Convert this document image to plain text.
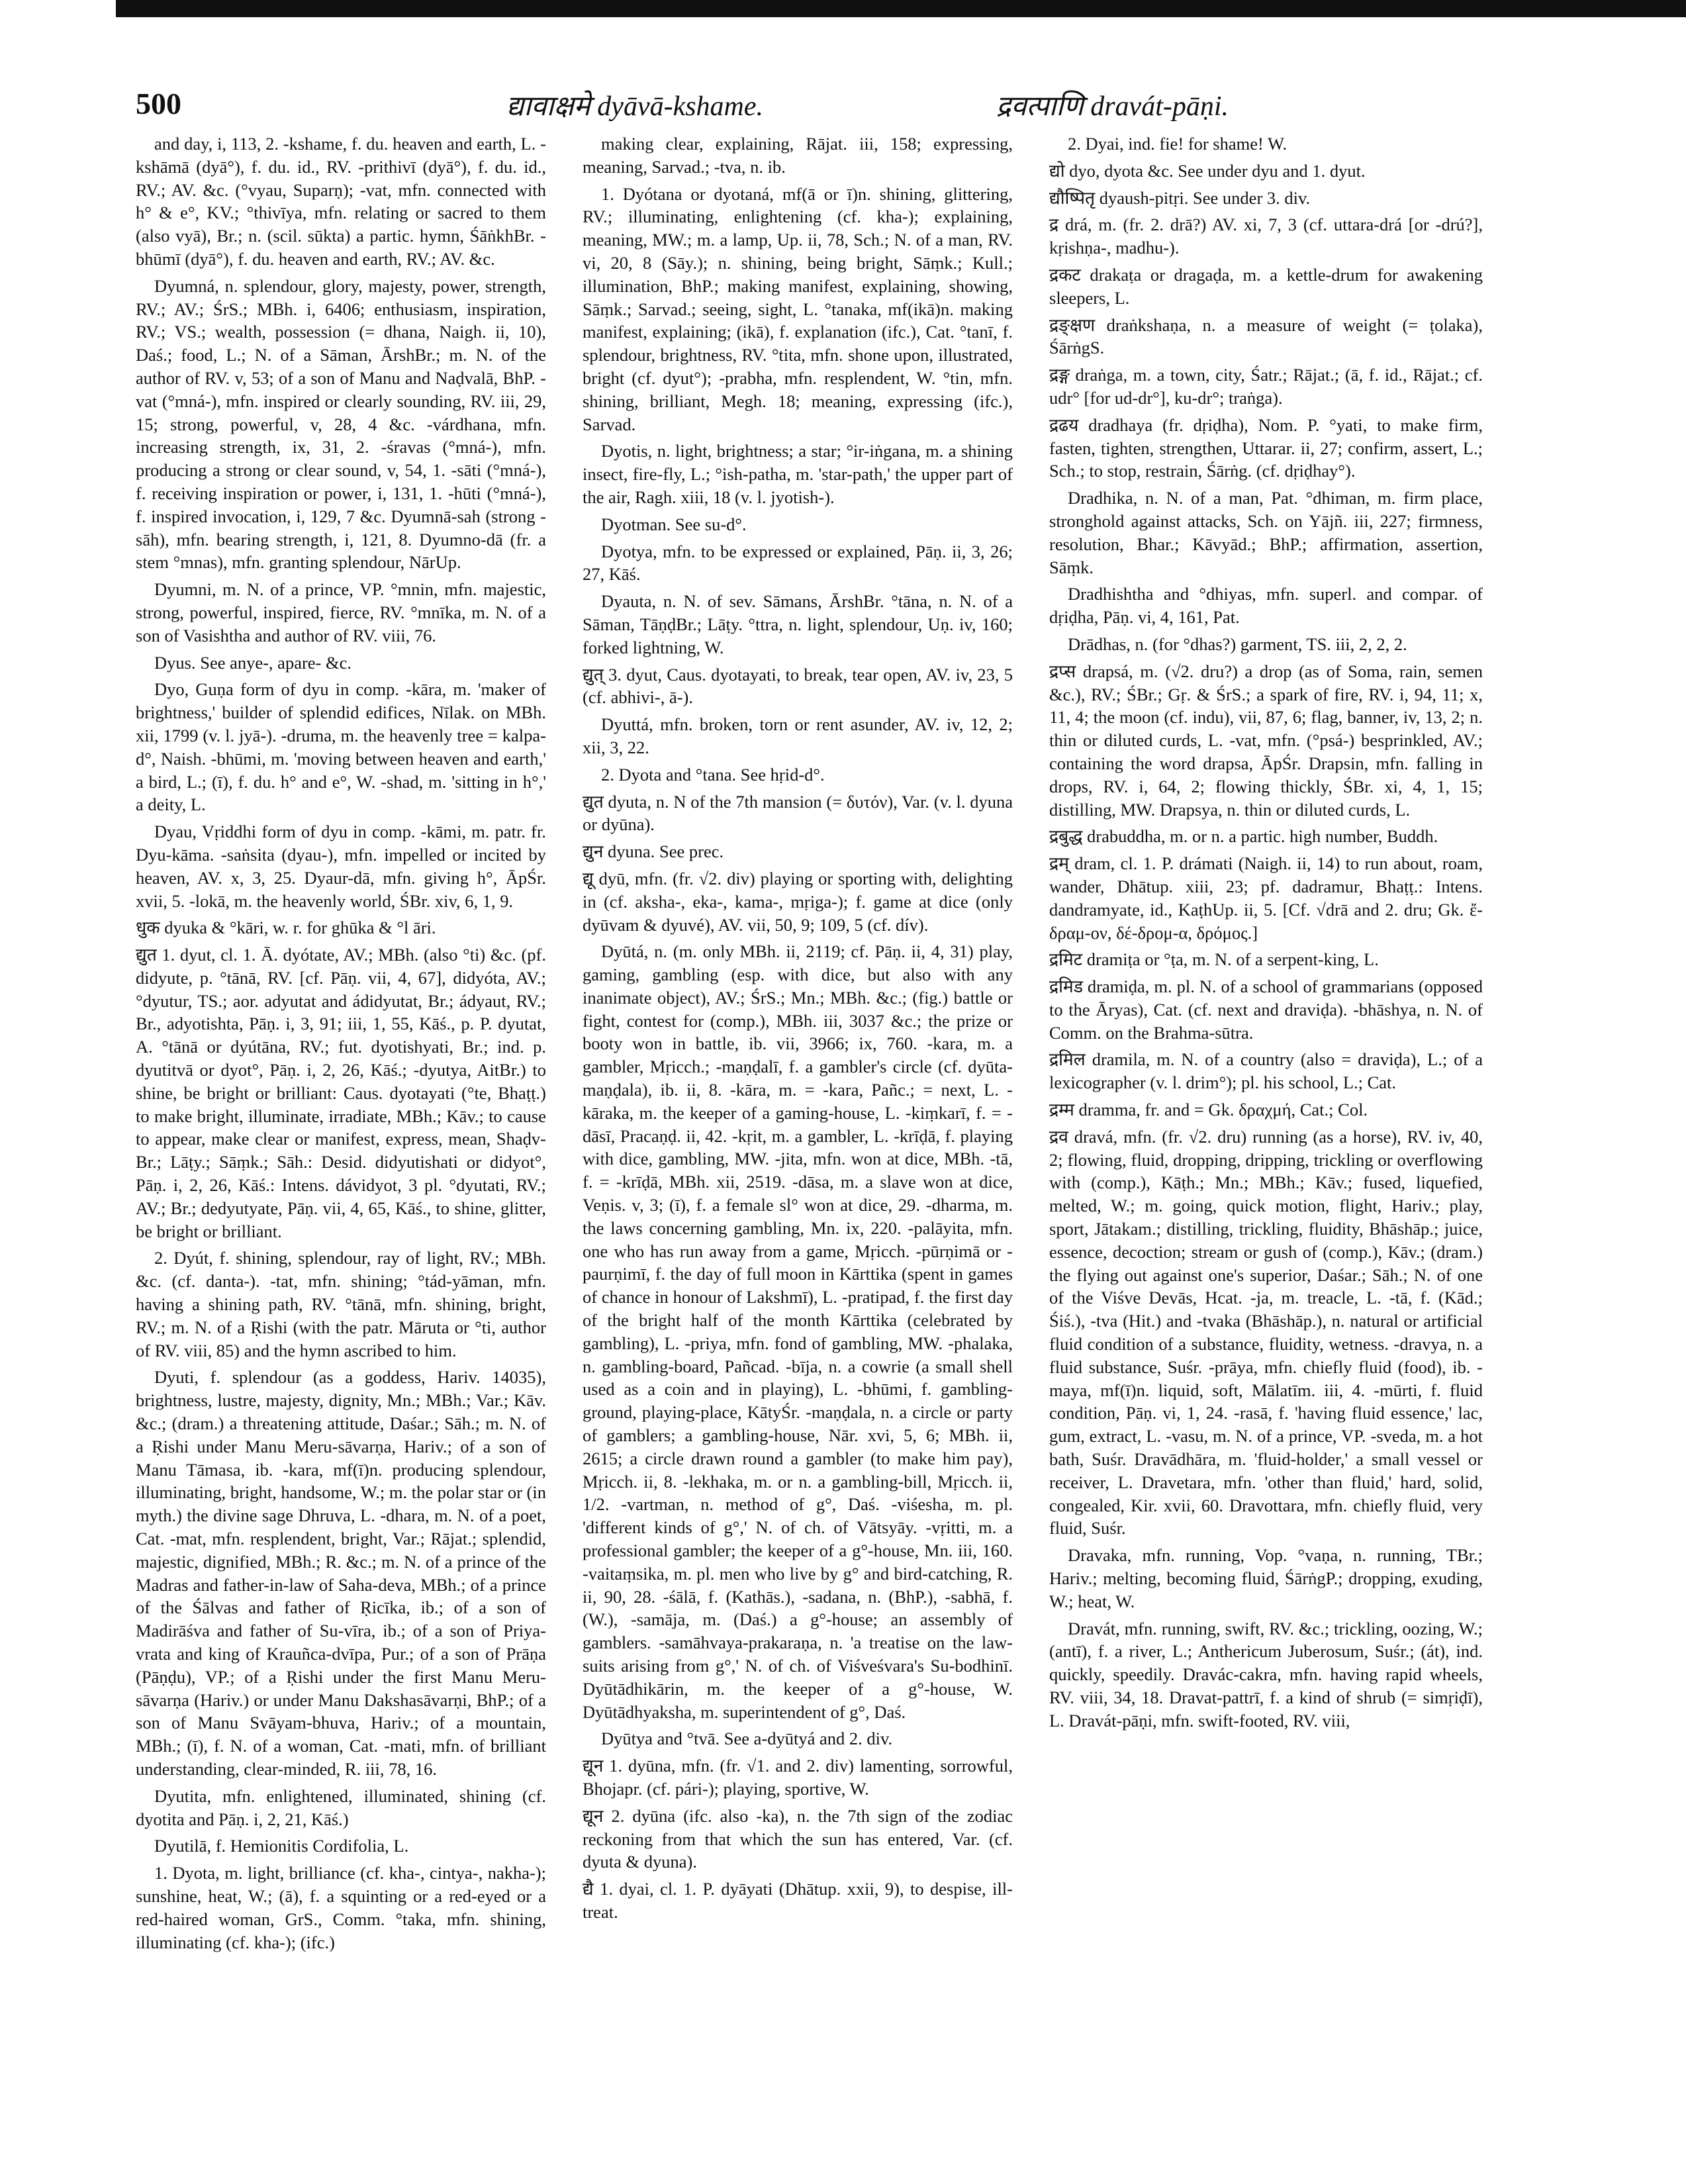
500	द्यावाक्षमे dyāvā-kshame.	द्रवत्पाणि dravát-pāṇi.

and day, i, 113, 2. -kshame, f. du. heaven and earth, L. -kshāmā (dyā°), f. du. id., RV. -prithivī (dyā°), f. du. id., RV.; AV. &c. (°vyau, Suparṇ); -vat, mfn. connected with h° & e°, KV.; °thivīya, mfn. relating or sacred to them (also vyā), Br.; n. (scil. sūkta) a partic. hymn, ŚāṅkhBr. -bhūmī (dyā°), f. du. heaven and earth, RV.; AV. &c.

Dyumná, n. splendour, glory, majesty, power, strength, RV.; AV.; ŚrS.; MBh. i, 6406; enthusiasm, inspiration, RV.; VS.; wealth, possession (= dhana, Naigh. ii, 10), Daś.; food, L.; N. of a Sāman, ĀrshBr.; m. N. of the author of RV. v, 53; of a son of Manu and Naḍvalā, BhP. -vat (°mná-), mfn. inspired or clearly sounding, RV. iii, 29, 15; strong, powerful, v, 28, 4 &c. -várdhana, mfn. increasing strength, ix, 31, 2. -śravas (°mná-), mfn. producing a strong or clear sound, v, 54, 1. -sāti (°mná-), f. receiving inspiration or power, i, 131, 1. -hūti (°mná-), f. inspired invocation, i, 129, 7 &c. Dyumnā-sah (strong -sāh), mfn. bearing strength, i, 121, 8. Dyumno-dā (fr. a stem °mnas), mfn. granting splendour, NārUp.

Dyumni, m. N. of a prince, VP. °mnin, mfn. majestic, strong, powerful, inspired, fierce, RV. °mnīka, m. N. of a son of Vasishtha and author of RV. viii, 76.

Dyus. See anye-, apare- &c.

Dyo, Guṇa form of dyu in comp. -kāra, m. 'maker of brightness,' builder of splendid edifices, Nīlak. on MBh. xii, 1799 (v. l. jyā-). -druma, m. the heavenly tree = kalpa-d°, Naish. -bhūmi, m. 'moving between heaven and earth,' a bird, L.; (ī), f. du. h° and e°, W. -shad, m. 'sitting in h°,' a deity, L.

Dyau, Vṛiddhi form of dyu in comp. -kāmi, m. patr. fr. Dyu-kāma. -saṅsita (dyau-), mfn. impelled or incited by heaven, AV. x, 3, 25. Dyaur-dā, mfn. giving h°, ĀpŚr. xvii, 5. -lokā, m. the heavenly world, ŚBr. xiv, 6, 1, 9.

धुक dyuka & °kāri, w. r. for ghūka & °l āri.

द्युत 1. dyut, cl. 1. Ā. dyótate, AV.; MBh. (also °ti) &c. (pf. didyute, p. °tānā, RV. [cf. Pāṇ. vii, 4, 67], didyóta, AV.; °dyutur, TS.; aor. adyutat and ádidyutat, Br.; ádyaut, RV.; Br., adyotishta, Pāṇ. i, 3, 91; iii, 1, 55, Kāś., p. P. dyutat, A. °tānā or dyútāna, RV.; fut. dyotishyati, Br.; ind. p. dyutitvā or dyot°, Pāṇ. i, 2, 26, Kāś.; -dyutya, AitBr.) to shine, be bright or brilliant: Caus. dyotayati (°te, Bhaṭṭ.) to make bright, illuminate, irradiate, MBh.; Kāv.; to cause to appear, make clear or manifest, express, mean, Shaḍv-Br.; Lāṭy.; Sāṃk.; Sāh.: Desid. didyutishati or didyot°, Pāṇ. i, 2, 26, Kāś.: Intens. dávidyot, 3 pl. °dyutati, RV.; AV.; Br.; dedyutyate, Pāṇ. vii, 4, 65, Kāś., to shine, glitter, be bright or brilliant.

2. Dyút, f. shining, splendour, ray of light, RV.; MBh. &c. (cf. danta-). -tat, mfn. shining; °tád-yāman, mfn. having a shining path, RV. °tānā, mfn. shining, bright, RV.; m. N. of a Ṛishi (with the patr. Māruta or °ti, author of RV. viii, 85) and the hymn ascribed to him.

Dyuti, f. splendour (as a goddess, Hariv. 14035), brightness, lustre, majesty, dignity, Mn.; MBh.; Var.; Kāv. &c.; (dram.) a threatening attitude, Daśar.; Sāh.; m. N. of a Ṛishi under Manu Meru-sāvarṇa, Hariv.; of a son of Manu Tāmasa, ib. -kara, mf(ī)n. producing splendour, illuminating, bright, handsome, W.; m. the polar star or (in myth.) the divine sage Dhruva, L. -dhara, m. N. of a poet, Cat. -mat, mfn. resplendent, bright, Var.; Rājat.; splendid, majestic, dignified, MBh.; R. &c.; m. N. of a prince of the Madras and father-in-law of Saha-deva, MBh.; of a prince of the Śālvas and father of Ṛicīka, ib.; of a son of Madirāśva and father of Su-vīra, ib.; of a son of Priya-vrata and king of Krauñca-dvīpa, Pur.; of a son of Prāṇa (Pāṇḍu), VP.; of a Ṛishi under the first Manu Meru-sāvarṇa (Hariv.) or under Manu Dakshasāvarṇi, BhP.; of a son of Manu Svāyam-bhuva, Hariv.; of a mountain, MBh.; (ī), f. N. of a woman, Cat. -mati, mfn. of brilliant understanding, clear-minded, R. iii, 78, 16.

Dyutita, mfn. enlightened, illuminated, shining (cf. dyotita and Pāṇ. i, 2, 21, Kāś.)

Dyutilā, f. Hemionitis Cordifolia, L.

1. Dyota, m. light, brilliance (cf. kha-, cintya-, nakha-); sunshine, heat, W.; (ā), f. a squinting or a red-eyed or a red-haired woman, GrS., Comm. °taka, mfn. shining, illuminating (cf. kha-); (ifc.)

making clear, explaining, Rājat. iii, 158; expressing, meaning, Sarvad.; -tva, n. ib.

1. Dyótana or dyotaná, mf(ā or ī)n. shining, glittering, RV.; illuminating, enlightening (cf. kha-); explaining, meaning, MW.; m. a lamp, Up. ii, 78, Sch.; N. of a man, RV. vi, 20, 8 (Sāy.); n. shining, being bright, Sāṃk.; Kull.; illumination, BhP.; making manifest, explaining, showing, Sāṃk.; Sarvad.; seeing, sight, L. °tanaka, mf(ikā)n. making manifest, explaining; (ikā), f. explanation (ifc.), Cat. °tanī, f. splendour, brightness, RV. °tita, mfn. shone upon, illustrated, bright (cf. dyut°); -prabha, mfn. resplendent, W. °tin, mfn. shining, brilliant, Megh. 18; meaning, expressing (ifc.), Sarvad.

Dyotis, n. light, brightness; a star; °ir-iṅgana, m. a shining insect, fire-fly, L.; °ish-patha, m. 'star-path,' the upper part of the air, Ragh. xiii, 18 (v. l. jyotish-).

Dyotman. See su-d°.

Dyotya, mfn. to be expressed or explained, Pāṇ. ii, 3, 26; 27, Kāś.

Dyauta, n. N. of sev. Sāmans, ĀrshBr. °tāna, n. N. of a Sāman, TāṇḍBr.; Lāṭy. °ttra, n. light, splendour, Uṇ. iv, 160; forked lightning, W.

द्युत् 3. dyut, Caus. dyotayati, to break, tear open, AV. iv, 23, 5 (cf. abhivi-, ā-).

Dyuttá, mfn. broken, torn or rent asunder, AV. iv, 12, 2; xii, 3, 22.

2. Dyota and °tana. See hṛid-d°.

द्युत dyuta, n. N of the 7th mansion (= δυτόν), Var. (v. l. dyuna or dyūna).

द्युन dyuna. See prec.

द्यू dyū, mfn. (fr. √2. div) playing or sporting with, delighting in (cf. aksha-, eka-, kama-, mṛiga-); f. game at dice (only dyūvam & dyuvé), AV. vii, 50, 9; 109, 5 (cf. dív).

Dyūtá, n. (m. only MBh. ii, 2119; cf. Pāṇ. ii, 4, 31) play, gaming, gambling (esp. with dice, but also with any inanimate object), AV.; ŚrS.; Mn.; MBh. &c.; (fig.) battle or fight, contest for (comp.), MBh. iii, 3037 &c.; the prize or booty won in battle, ib. vii, 3966; ix, 760. -kara, m. a gambler, Mṛicch.; -maṇḍalī, f. a gambler's circle (cf. dyūta-maṇḍala), ib. ii, 8. -kāra, m. = -kara, Pañc.; = next, L. -kāraka, m. the keeper of a gaming-house, L. -kiṃkarī, f. = -dāsī, Pracaṇḍ. ii, 42. -kṛit, m. a gambler, L. -krīḍā, f. playing with dice, gambling, MW. -jita, mfn. won at dice, MBh. -tā, f. = -krīḍā, MBh. xii, 2519. -dāsa, m. a slave won at dice, Veṇis. v, 3; (ī), f. a female sl° won at dice, 29. -dharma, m. the laws concerning gambling, Mn. ix, 220. -palāyita, mfn. one who has run away from a game, Mṛicch. -pūrṇimā or -paurṇimī, f. the day of full moon in Kārttika (spent in games of chance in honour of Lakshmī), L. -pratipad, f. the first day of the bright half of the month Kārttika (celebrated by gambling), L. -priya, mfn. fond of gambling, MW. -phalaka, n. gambling-board, Pañcad. -bīja, n. a cowrie (a small shell used as a coin and in playing), L. -bhūmi, f. gambling-ground, playing-place, KātyŚr. -maṇḍala, n. a circle or party of gamblers; a gambling-house, Nār. xvi, 5, 6; MBh. ii, 2615; a circle drawn round a gambler (to make him pay), Mṛicch. ii, 8. -lekhaka, m. or n. a gambling-bill, Mṛicch. ii, 1/2. -vartman, n. method of g°, Daś. -viśesha, m. pl. 'different kinds of g°,' N. of ch. of Vātsyāy. -vṛitti, m. a professional gambler; the keeper of a g°-house, Mn. iii, 160. -vaitaṃsika, m. pl. men who live by g° and bird-catching, R. ii, 90, 28. -śālā, f. (Kathās.), -sadana, n. (BhP.), -sabhā, f. (W.), -samāja, m. (Daś.) a g°-house; an assembly of gamblers. -samāhvaya-prakaraṇa, n. 'a treatise on the law-suits arising from g°,' N. of ch. of Viśveśvara's Su-bodhinī. Dyūtādhikārin, m. the keeper of a g°-house, W. Dyūtādhyaksha, m. superintendent of g°, Daś.

Dyūtya and °tvā. See a-dyūtyá and 2. div.

द्यून 1. dyūna, mfn. (fr. √1. and 2. div) lamenting, sorrowful, Bhojapr. (cf. pári-); playing, sportive, W.

द्यून 2. dyūna (ifc. also -ka), n. the 7th sign of the zodiac reckoning from that which the sun has entered, Var. (cf. dyuta & dyuna).

द्यै 1. dyai, cl. 1. P. dyāyati (Dhātup. xxii, 9), to despise, ill-treat.

2. Dyai, ind. fie! for shame! W.

द्यो dyo, dyota &c. See under dyu and 1. dyut.

द्यौष्पितृ dyaush-pitṛi. See under 3. div.

द्र drá, m. (fr. 2. drā?) AV. xi, 7, 3 (cf. uttara-drá [or -drú?], kṛishṇa-, madhu-).

द्रकट drakaṭa or dragaḍa, m. a kettle-drum for awakening sleepers, L.

द्रङ्क्षण draṅkshaṇa, n. a measure of weight (= ṭolaka), ŚārṅgS.

द्रङ्ग draṅga, m. a town, city, Śatr.; Rājat.; (ā, f. id., Rājat.; cf. udr° [for ud-dr°], ku-dr°; traṅga).

द्रढय dradhaya (fr. dṛiḍha), Nom. P. °yati, to make firm, fasten, tighten, strengthen, Uttarar. ii, 27; confirm, assert, L.; Sch.; to stop, restrain, Śārṅg. (cf. dṛiḍhay°).

Dradhika, n. N. of a man, Pat. °dhiman, m. firm place, stronghold against attacks, Sch. on Yājñ. iii, 227; firmness, resolution, Bhar.; Kāvyād.; BhP.; affirmation, assertion, Sāṃk.

Dradhishtha and °dhiyas, mfn. superl. and compar. of dṛiḍha, Pāṇ. vi, 4, 161, Pat.

Drādhas, n. (for °dhas?) garment, TS. iii, 2, 2, 2.

द्रप्स drapsá, m. (√2. dru?) a drop (as of Soma, rain, semen &c.), RV.; ŚBr.; Gṛ. & ŚrS.; a spark of fire, RV. i, 94, 11; x, 11, 4; the moon (cf. indu), vii, 87, 6; flag, banner, iv, 13, 2; n. thin or diluted curds, L. -vat, mfn. (°psá-) besprinkled, AV.; containing the word drapsa, ĀpŚr. Drapsin, mfn. falling in drops, RV. i, 64, 2; flowing thickly, ŚBr. xi, 4, 1, 15; distilling, MW. Drapsya, n. thin or diluted curds, L.

द्रबुद्ध drabuddha, m. or n. a partic. high number, Buddh.

द्रम् dram, cl. 1. P. drámati (Naigh. ii, 14) to run about, roam, wander, Dhātup. xiii, 23; pf. dadramur, Bhaṭṭ.: Intens. dandramyate, id., KaṭhUp. ii, 5. [Cf. √drā and 2. dru; Gk. ἔ-δραμ-ον, δέ-δρομ-α, δρόμος.]

द्रमिट dramiṭa or °ṭa, m. N. of a serpent-king, L.

द्रमिड dramiḍa, m. pl. N. of a school of grammarians (opposed to the Āryas), Cat. (cf. next and draviḍa). -bhāshya, n. N. of Comm. on the Brahma-sūtra.

द्रमिल dramila, m. N. of a country (also = draviḍa), L.; of a lexicographer (v. l. drim°); pl. his school, L.; Cat.

द्रम्म dramma, fr. and = Gk. δραχμή, Cat.; Col.

द्रव dravá, mfn. (fr. √2. dru) running (as a horse), RV. iv, 40, 2; flowing, fluid, dropping, dripping, trickling or overflowing with (comp.), Kāṭh.; Mn.; MBh.; Kāv.; fused, liquefied, melted, W.; m. going, quick motion, flight, Hariv.; play, sport, Jātakam.; distilling, trickling, fluidity, Bhāshāp.; juice, essence, decoction; stream or gush of (comp.), Kāv.; (dram.) the flying out against one's superior, Daśar.; Sāh.; N. of one of the Viśve Devās, Hcat. -ja, m. treacle, L. -tā, f. (Kād.; Śiś.), -tva (Hit.) and -tvaka (Bhāshāp.), n. natural or artificial fluid condition of a substance, fluidity, wetness. -dravya, n. a fluid substance, Suśr. -prāya, mfn. chiefly fluid (food), ib. -maya, mf(ī)n. liquid, soft, Mālatīm. iii, 4. -mūrti, f. fluid condition, Pāṇ. vi, 1, 24. -rasā, f. 'having fluid essence,' lac, gum, extract, L. -vasu, m. N. of a prince, VP. -sveda, m. a hot bath, Suśr. Dravādhāra, m. 'fluid-holder,' a small vessel or receiver, L. Dravetara, mfn. 'other than fluid,' hard, solid, congealed, Kir. xvii, 60. Dravottara, mfn. chiefly fluid, very fluid, Suśr.

Dravaka, mfn. running, Vop. °vaṇa, n. running, TBr.; Hariv.; melting, becoming fluid, ŚārṅgP.; dropping, exuding, W.; heat, W.

Dravát, mfn. running, swift, RV. &c.; trickling, oozing, W.; (antī), f. a river, L.; Anthericum Juberosum, Suśr.; (át), ind. quickly, speedily. Dravác-cakra, mfn. having rapid wheels, RV. viii, 34, 18. Dravat-pattrī, f. a kind of shrub (= simṛiḍī), L. Dravát-pāṇi, mfn. swift-footed, RV. viii,
